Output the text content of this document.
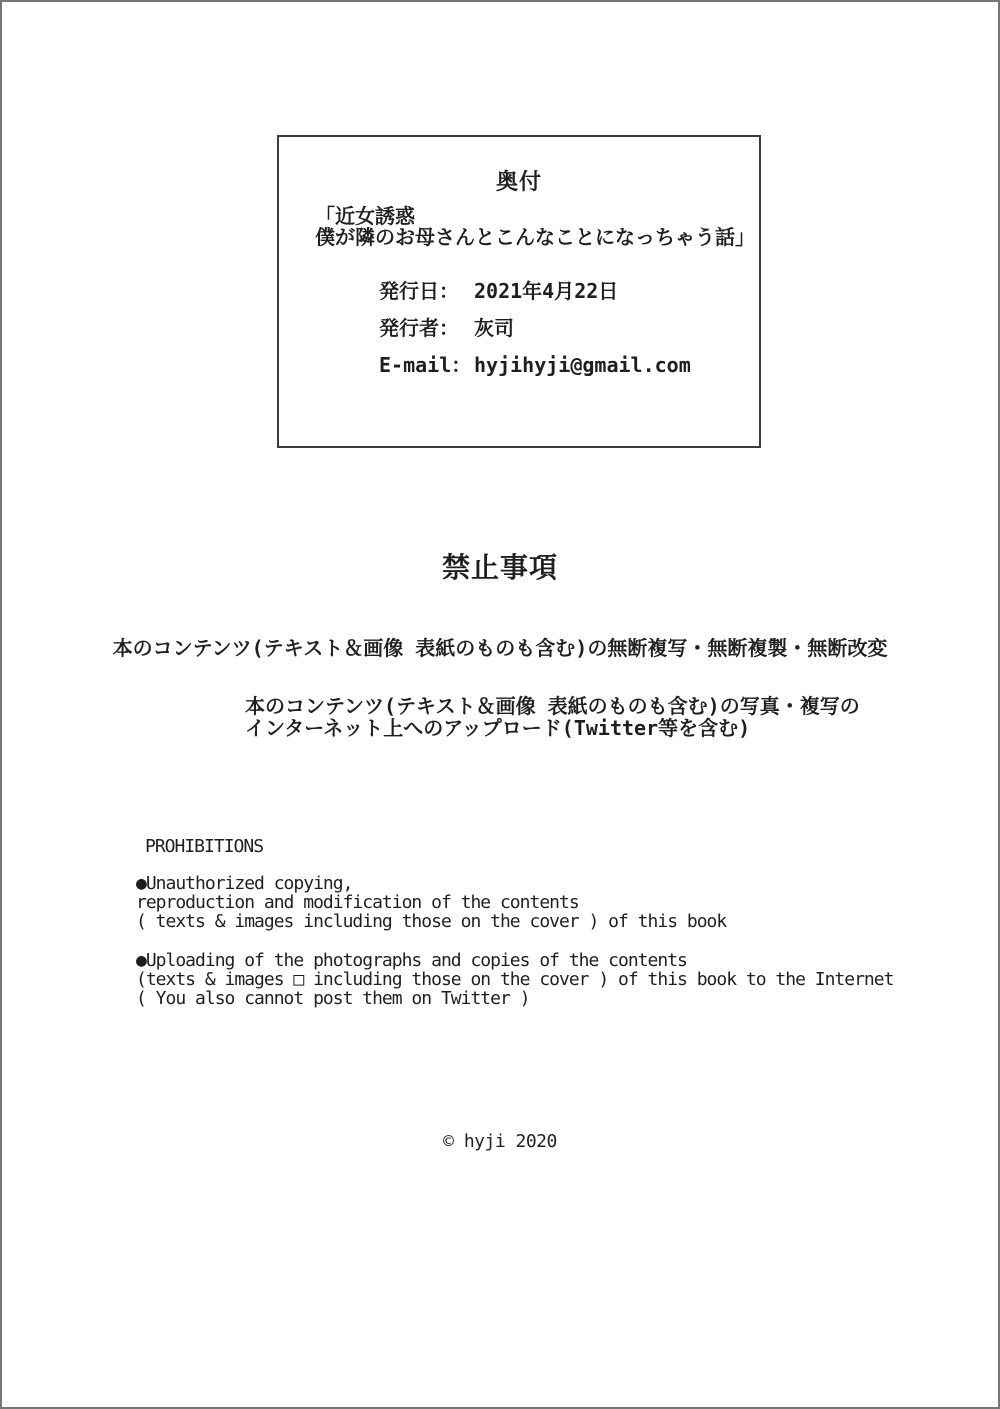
奥付
「近女誘惑
僕が隣のお母さんとこんなことになっちゃう話」
発行日： 2021年4月22日
発行者： 灰司
E-mail： hyjihyji@gmail.com
禁止事項
本のコンテンツ(テキスト＆画像 表紙のものも含む)の無断複写・無断複製・無断改変
本のコンテンツ(テキスト＆画像 表紙のものも含む)の写真・複写の
インターネット上へのアップロード(Twitter等を含む)
PROHIBITIONS
●Unauthorized copying,
reproduction and modification of the contents
( texts & images including those on the cover ) of this book
●Uploading of the photographs and copies of the contents
(texts & images □ including those on the cover ) of this book to the Internet
( You also cannot post them on Twitter )
© hyji 2020
